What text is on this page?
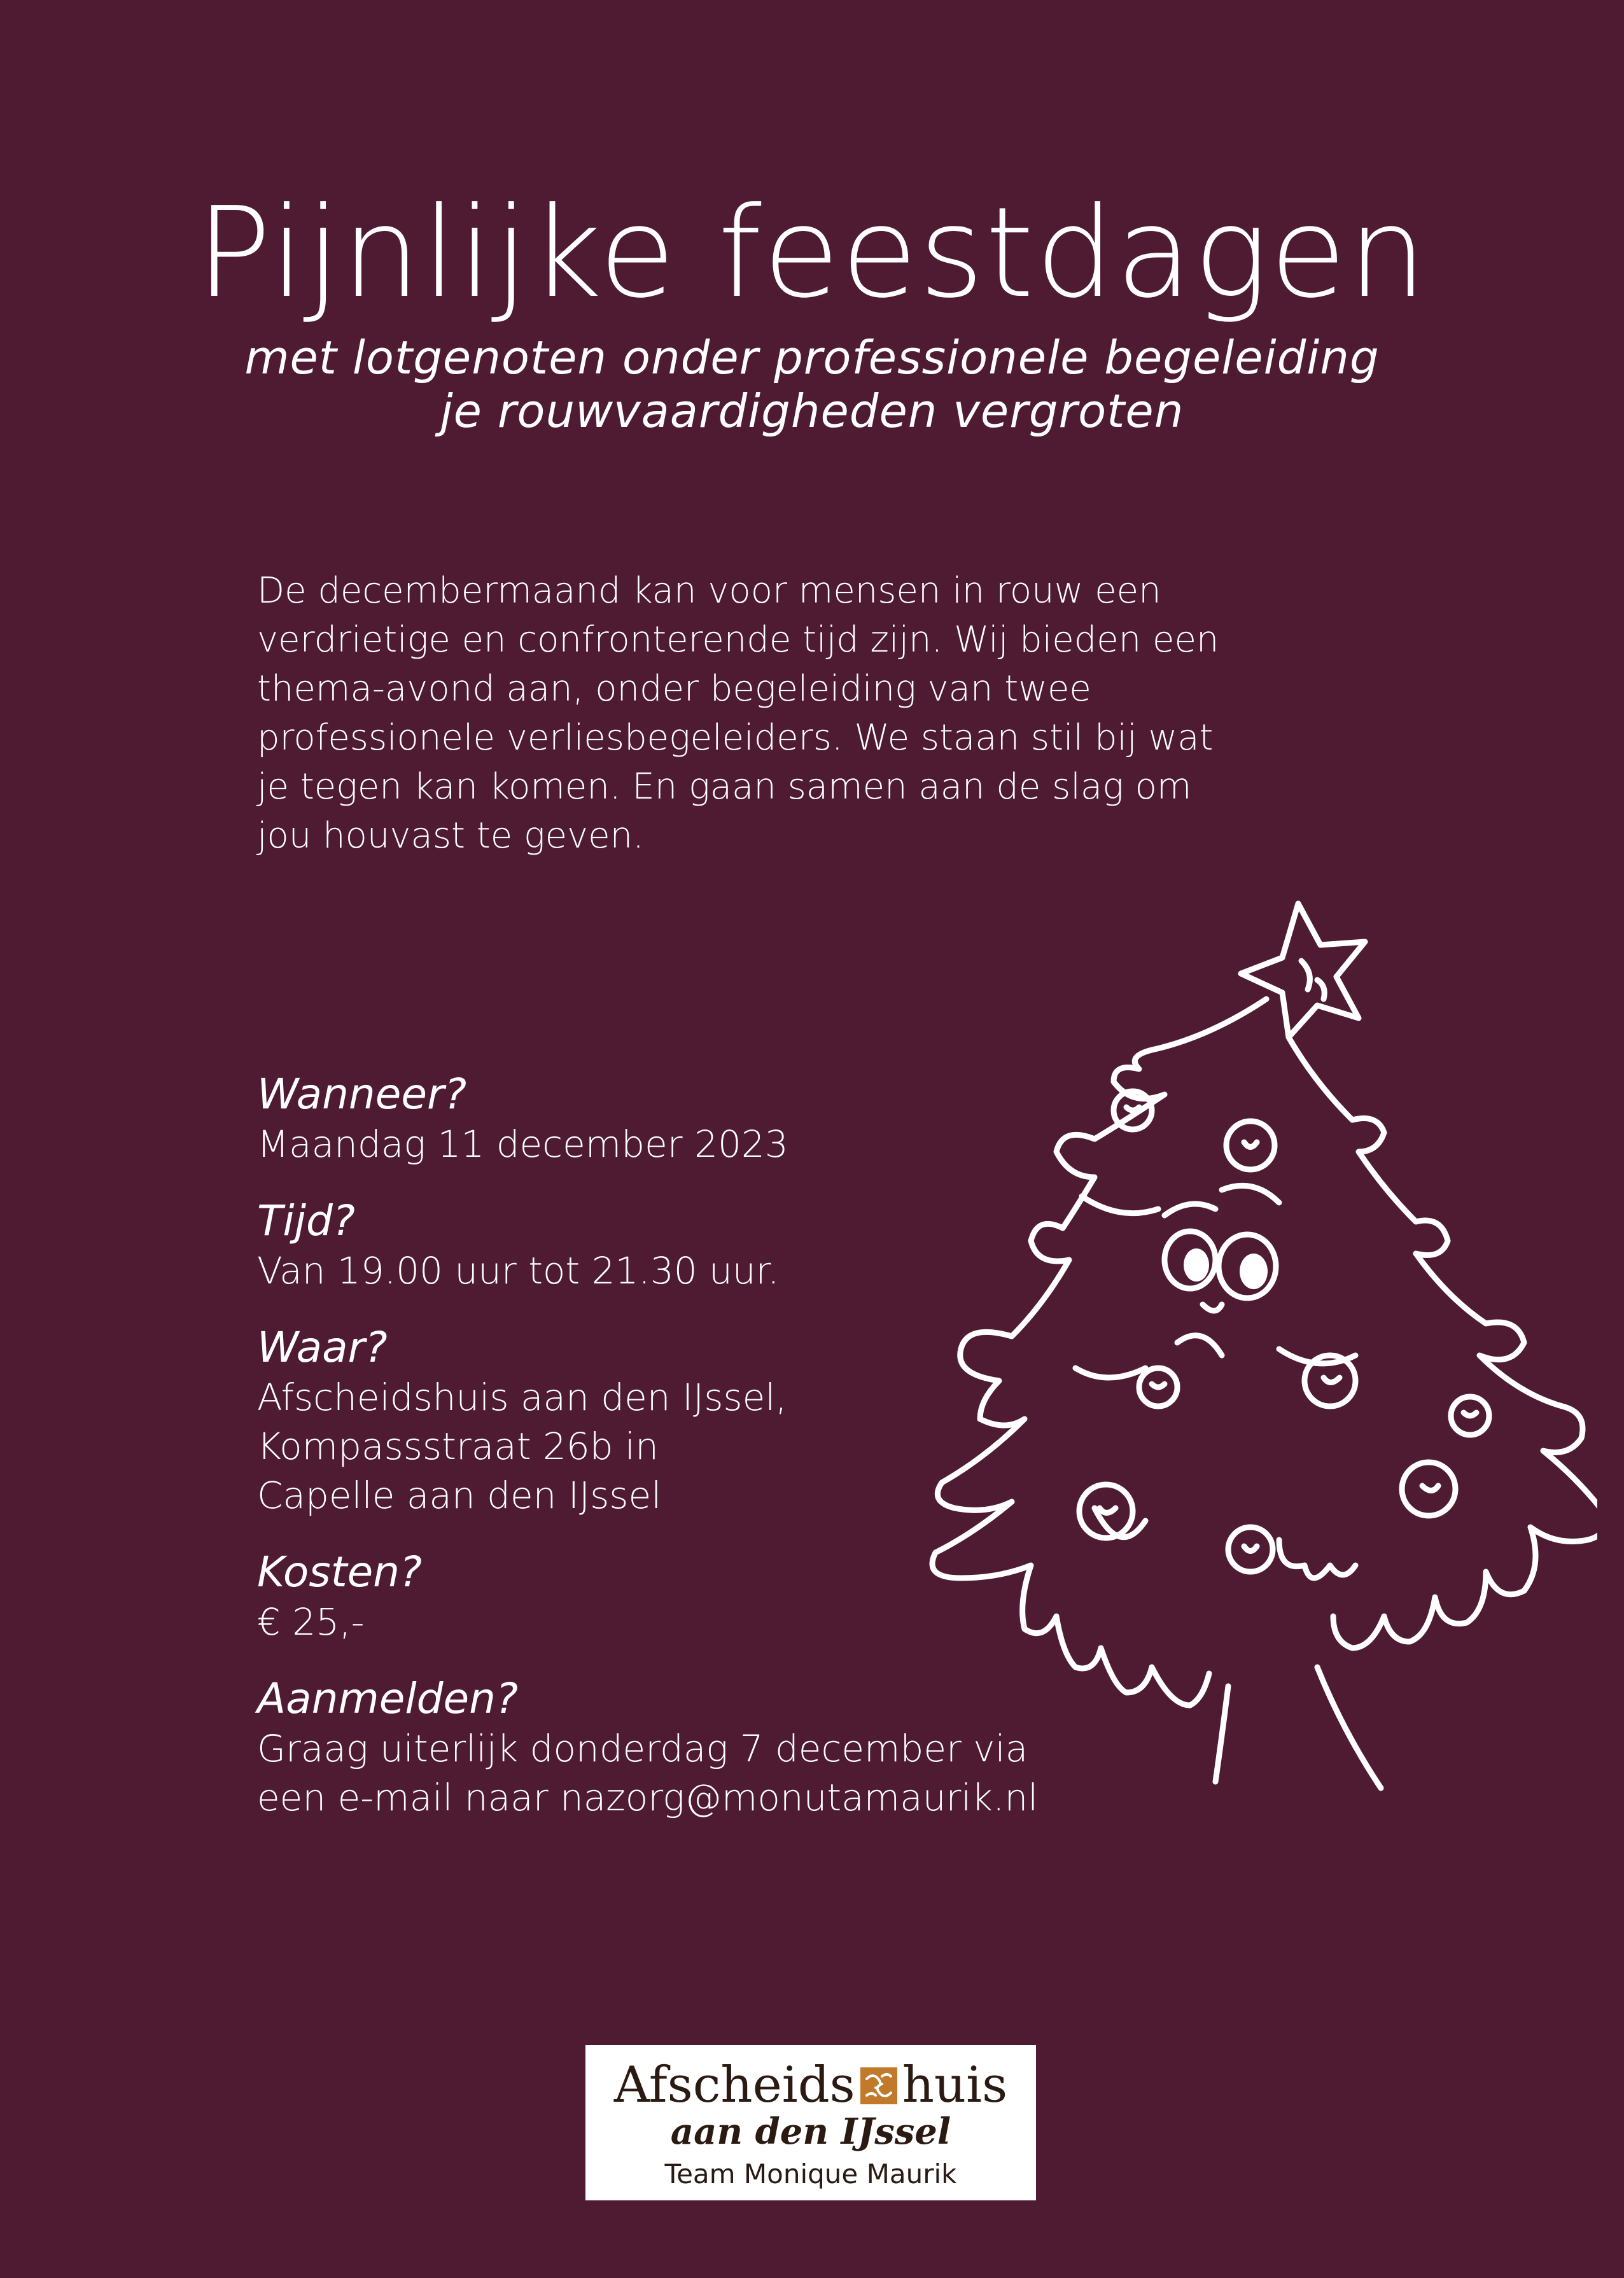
Pijnlijke feestdagen
met lotgenoten onder professionele begeleiding
je rouwvaardigheden vergroten
De decembermaand kan voor mensen in rouw een
verdrietige en confronterende tijd zijn. Wij bieden een
thema-avond aan, onder begeleiding van twee
professionele verliesbegeleiders. We staan stil bij wat
je tegen kan komen. En gaan samen aan de slag om
jou houvast te geven.
Wanneer?
Maandag 11 december 2023
Tijd?
Van 19.00 uur tot 21.30 uur.
Waar?
Afscheidshuis aan den IJssel,
Kompassstraat 26b in
Capelle aan den IJssel
Kosten?
€ 25,-
Aanmelden?
Graag uiterlijk donderdag 7 december via
een e-mail naar nazorg@monutamaurik.nl
Afscheids huis
aan den IJssel
Team Monique Maurik
